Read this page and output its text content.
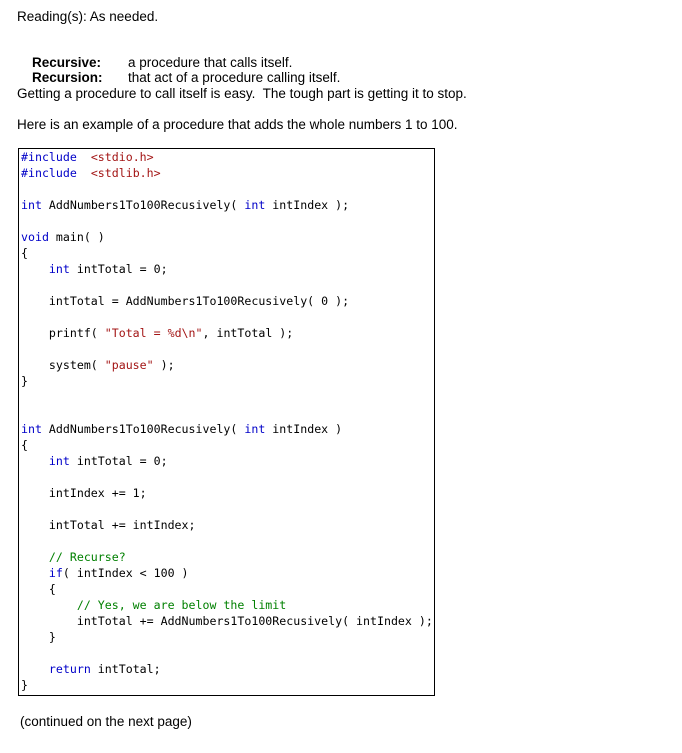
Reading(s): As needed.

Recursive: a procedure that calls itself.

Recursion: that act of a procedure calling itself.

Getting a procedure to call itself is easy.  The tough part is getting it to stop.
Here is an example of a procedure that adds the whole numbers 1 to 100.
#include <stdio.h>
#include <stdlib.h>

int AddNumbers1To100Recusively( int intIndex );

void main( )
{
int intTotal = 0;

intTotal = AddNumbers1To100Recusively( 0 );

printf( "Total = %d\n", intTotal );

system( "pause" );
}

int AddNumbers1To100Recusively( int intIndex )
{
int intTotal = 0;

intIndex += 1;

intTotal += intIndex;

// Recurse?
if( intIndex < 100 )
{
// Yes, we are below the limit
intTotal += AddNumbers1To100Recusively( intIndex );
}

return intTotal;
}
(continued on the next page)
